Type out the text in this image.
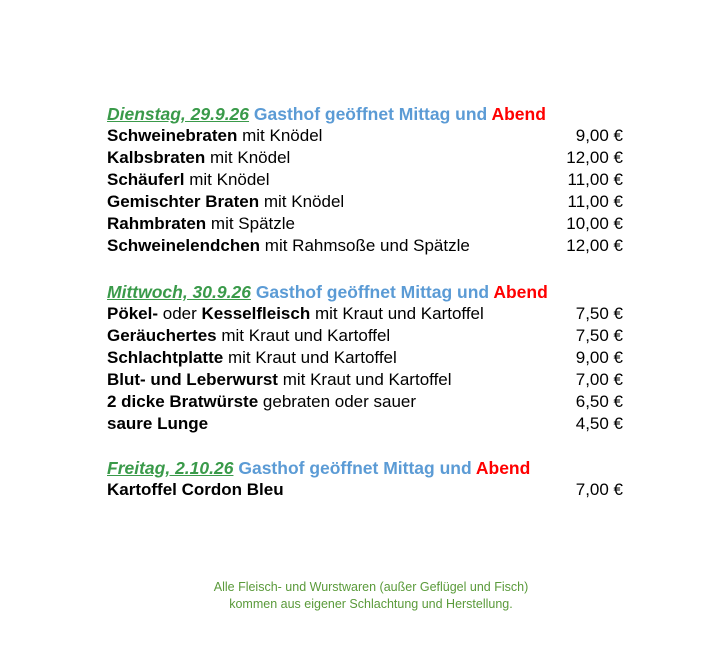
Dienstag, 29.9.26 Gasthof geöffnet Mittag und Abend
Schweinebraten mit Knödel	9,00 €
Kalbsbraten mit Knödel	12,00 €
Schäuferl mit Knödel	11,00 €
Gemischter Braten mit Knödel	11,00 €
Rahmbraten mit Spätzle	10,00 €
Schweinelendchen mit Rahmsoße und Spätzle	12,00 €
Mittwoch, 30.9.26 Gasthof geöffnet Mittag und Abend
Pökel- oder Kesselfleisch mit Kraut und Kartoffel	7,50 €
Geräuchertes mit Kraut und Kartoffel	7,50 €
Schlachtplatte mit Kraut und Kartoffel	9,00 €
Blut- und Leberwurst mit Kraut und Kartoffel	7,00 €
2 dicke Bratwürste gebraten oder sauer	6,50 €
saure Lunge	4,50 €
Freitag, 2.10.26 Gasthof geöffnet Mittag und Abend
Kartoffel Cordon Bleu	7,00 €
Alle Fleisch- und Wurstwaren (außer Geflügel und Fisch)
kommen aus eigener Schlachtung und Herstellung.
